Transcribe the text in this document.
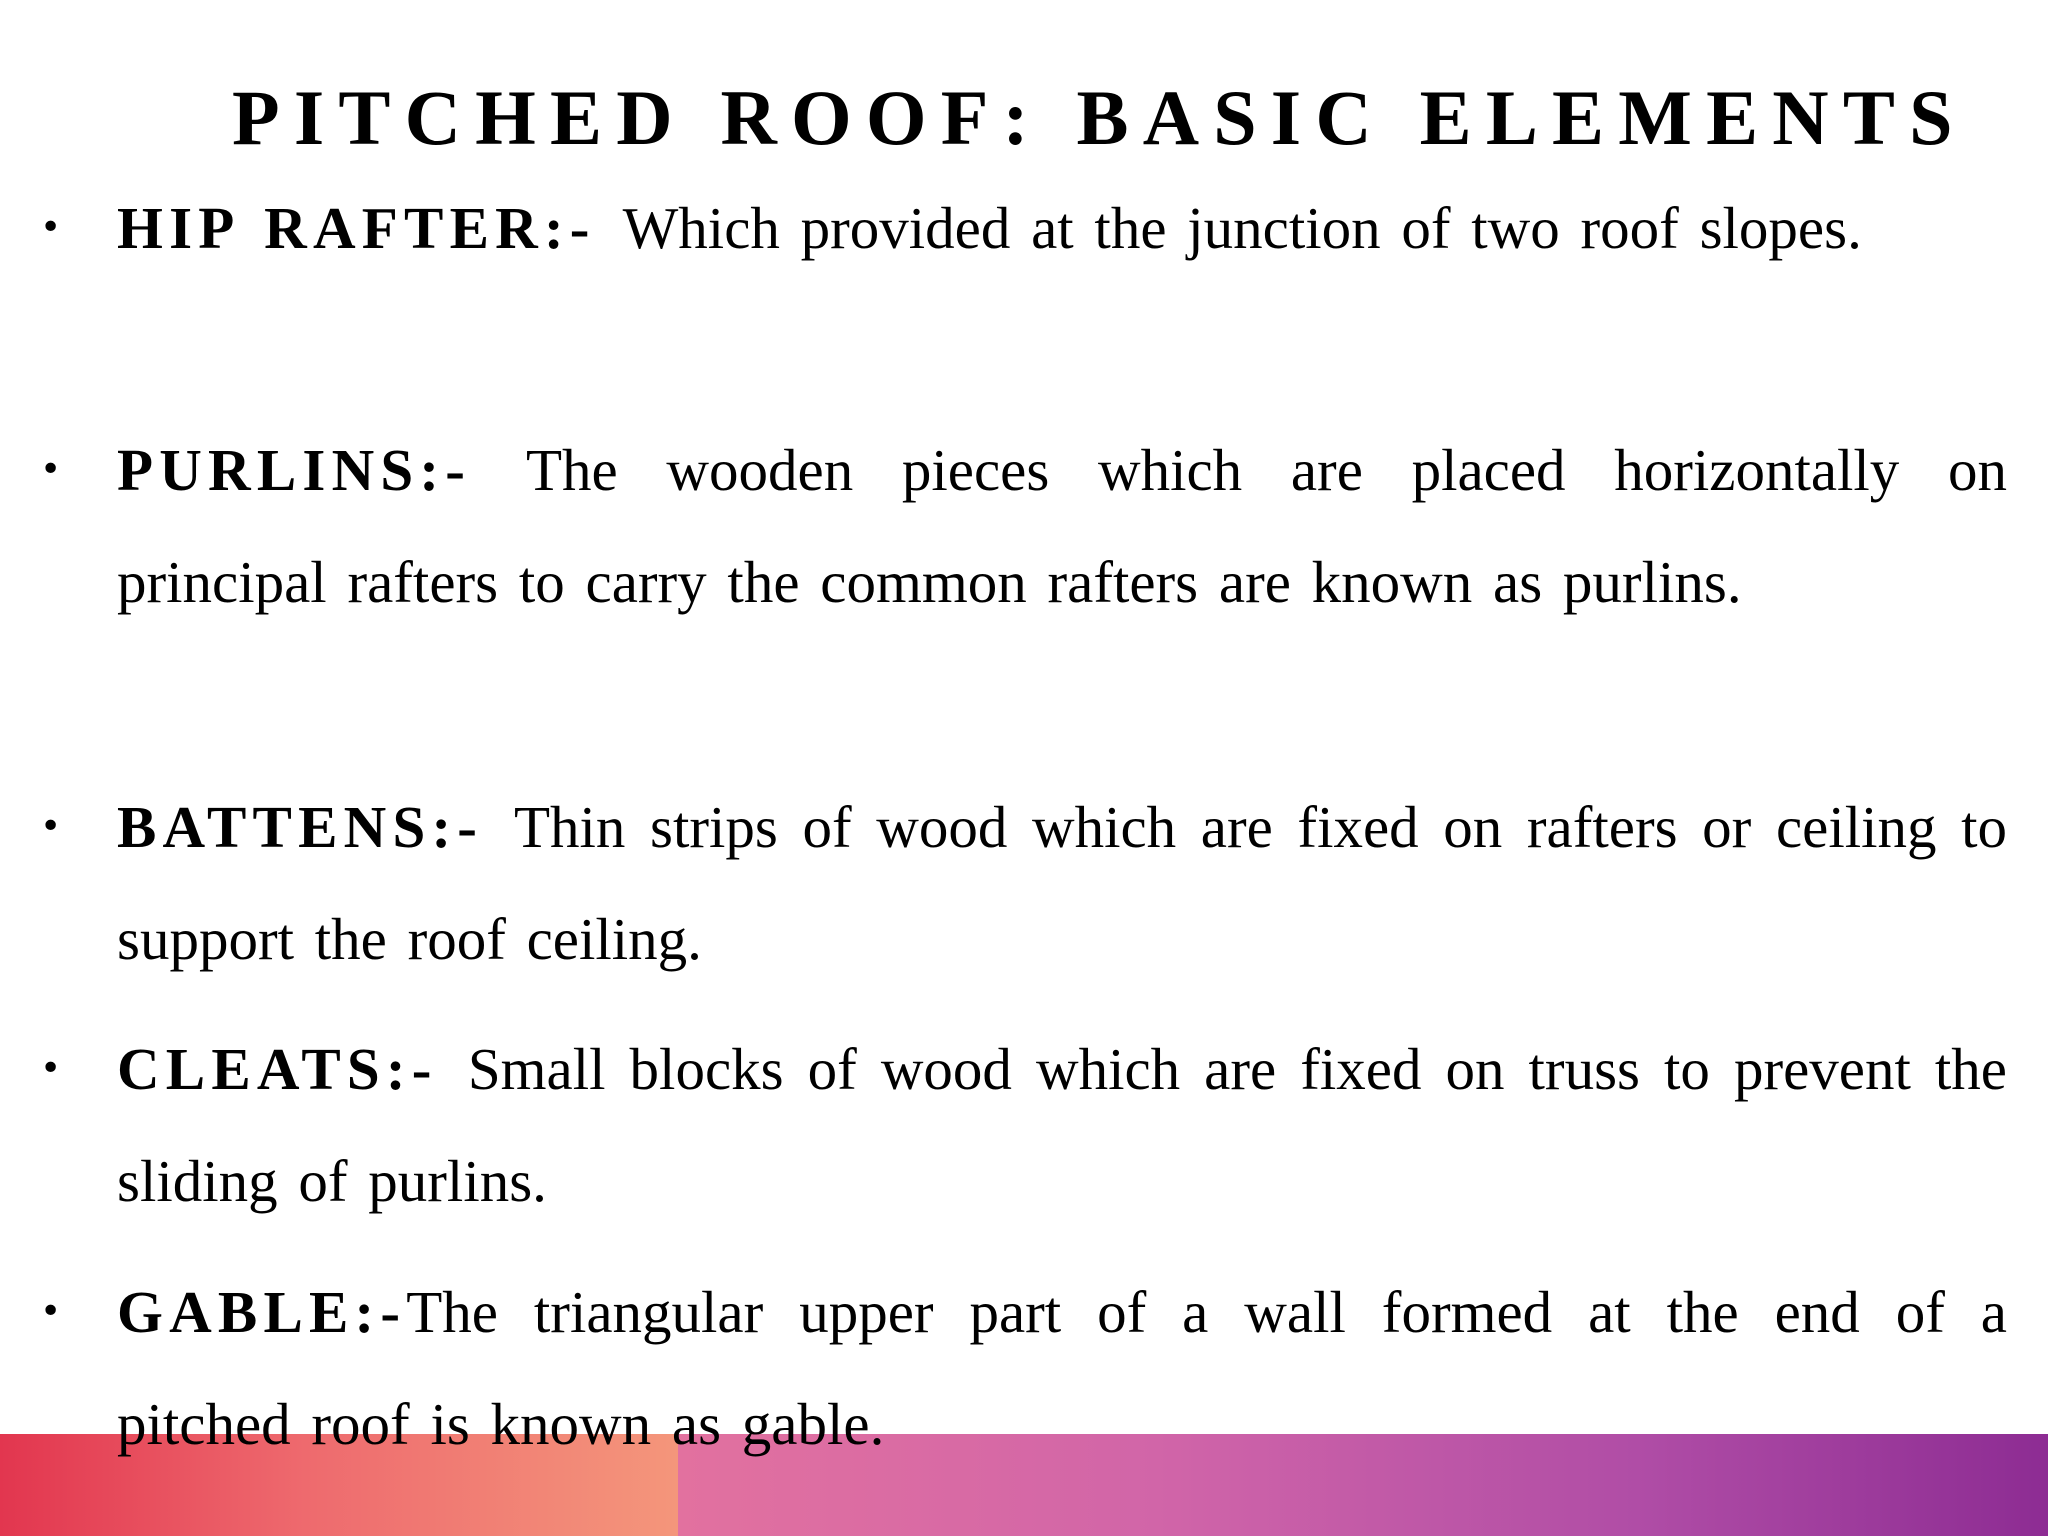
PITCHED ROOF: BASIC ELEMENTS
• HIP RAFTER:- Which provided at the junction of two roof slopes.
• PURLINS:- The wooden pieces which are placed horizontally on principal rafters to carry the common rafters are known as purlins.
• BATTENS:- Thin strips of wood which are fixed on rafters or ceiling to support the roof ceiling.
• CLEATS:- Small blocks of wood which are fixed on truss to prevent the sliding of purlins.
• GABLE:-The triangular upper part of a wall formed at the end of a pitched roof is known as gable.
